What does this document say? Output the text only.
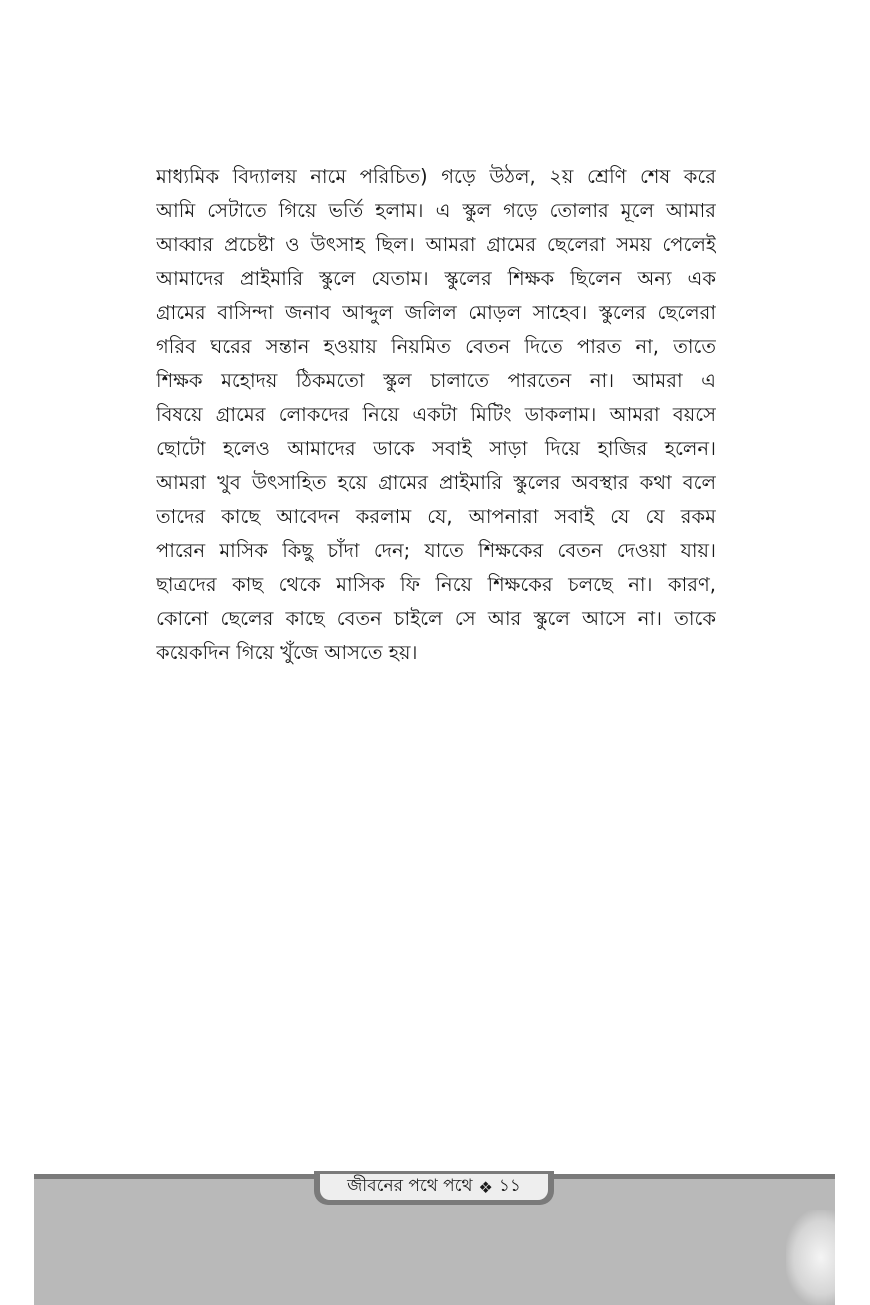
মাধ্যমিক বিদ্যালয় নামে পরিচিত) গড়ে উঠল, ২য় শ্রেণি শেষ করে
আমি সেটাতে গিয়ে ভর্তি হলাম। এ স্কুল গড়ে তোলার মূলে আমার
আব্বার প্রচেষ্টা ও উৎসাহ ছিল। আমরা গ্রামের ছেলেরা সময় পেলেই
আমাদের প্রাইমারি স্কুলে যেতাম। স্কুলের শিক্ষক ছিলেন অন্য এক
গ্রামের বাসিন্দা জনাব আব্দুল জলিল মোড়ল সাহেব। স্কুলের ছেলেরা
গরিব ঘরের সন্তান হওয়ায় নিয়মিত বেতন দিতে পারত না, তাতে
শিক্ষক মহোদয় ঠিকমতো স্কুল চালাতে পারতেন না। আমরা এ
বিষয়ে গ্রামের লোকদের নিয়ে একটা মিটিং ডাকলাম। আমরা বয়সে
ছোটো হলেও আমাদের ডাকে সবাই সাড়া দিয়ে হাজির হলেন।
আমরা খুব উৎসাহিত হয়ে গ্রামের প্রাইমারি স্কুলের অবস্থার কথা বলে
তাদের কাছে আবেদন করলাম যে, আপনারা সবাই যে যে রকম
পারেন মাসিক কিছু চাঁদা দেন; যাতে শিক্ষকের বেতন দেওয়া যায়।
ছাত্রদের কাছ থেকে মাসিক ফি নিয়ে শিক্ষকের চলছে না। কারণ,
কোনো ছেলের কাছে বেতন চাইলে সে আর স্কুলে আসে না। তাকে
কয়েকদিন গিয়ে খুঁজে আসতে হয়।
জীবনের পথে পথে ❖ ১১
